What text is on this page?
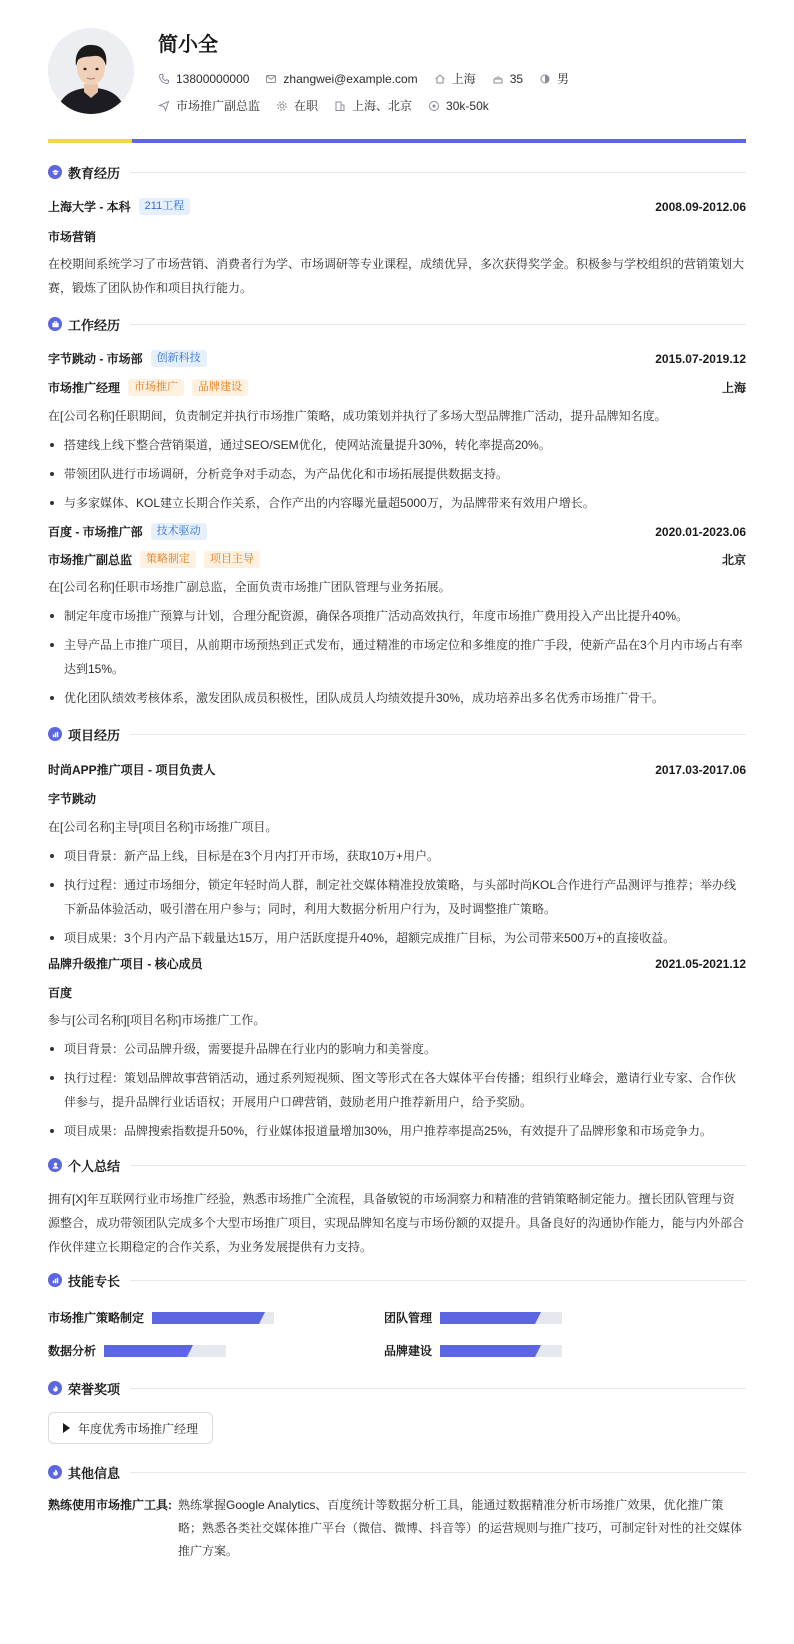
简小全
13800000000	zhangwei@example.com	上海	35	男
市场推广副总监	在职	上海、北京	30k-50k
教育经历
上海大学 - 本科	211工程	2008.09-2012.06
市场营销
在校期间系统学习了市场营销、消费者行为学、市场调研等专业课程，成绩优异，多次获得奖学金。积极参与学校组织的营销策划大赛，锻炼了团队协作和项目执行能力。
工作经历
字节跳动 - 市场部	创新科技	2015.07-2019.12
市场推广经理	市场推广	品牌建设	上海
在[公司名称]任职期间，负责制定并执行市场推广策略，成功策划并执行了多场大型品牌推广活动，提升品牌知名度。
搭建线上线下整合营销渠道，通过SEO/SEM优化，使网站流量提升30%，转化率提高20%。
带领团队进行市场调研，分析竞争对手动态，为产品优化和市场拓展提供数据支持。
与多家媒体、KOL建立长期合作关系，合作产出的内容曝光量超5000万，为品牌带来有效用户增长。
百度 - 市场推广部	技术驱动	2020.01-2023.06
市场推广副总监	策略制定	项目主导	北京
在[公司名称]任职市场推广副总监，全面负责市场推广团队管理与业务拓展。
制定年度市场推广预算与计划，合理分配资源，确保各项推广活动高效执行，年度市场推广费用投入产出比提升40%。
主导产品上市推广项目，从前期市场预热到正式发布，通过精准的市场定位和多维度的推广手段，使新产品在3个月内市场占有率达到15%。
优化团队绩效考核体系，激发团队成员积极性，团队成员人均绩效提升30%，成功培养出多名优秀市场推广骨干。
项目经历
时尚APP推广项目 - 项目负责人	2017.03-2017.06
字节跳动
在[公司名称]主导[项目名称]市场推广项目。
项目背景：新产品上线，目标是在3个月内打开市场，获取10万+用户。
执行过程：通过市场细分，锁定年轻时尚人群，制定社交媒体精准投放策略，与头部时尚KOL合作进行产品测评与推荐；举办线下新品体验活动，吸引潜在用户参与；同时，利用大数据分析用户行为，及时调整推广策略。
项目成果：3个月内产品下载量达15万，用户活跃度提升40%，超额完成推广目标，为公司带来500万+的直接收益。
品牌升级推广项目 - 核心成员	2021.05-2021.12
百度
参与[公司名称][项目名称]市场推广工作。
项目背景：公司品牌升级，需要提升品牌在行业内的影响力和美誉度。
执行过程：策划品牌故事营销活动，通过系列短视频、图文等形式在各大媒体平台传播；组织行业峰会，邀请行业专家、合作伙伴参与，提升品牌行业话语权；开展用户口碑营销，鼓励老用户推荐新用户，给予奖励。
项目成果：品牌搜索指数提升50%，行业媒体报道量增加30%，用户推荐率提高25%，有效提升了品牌形象和市场竞争力。
个人总结
拥有[X]年互联网行业市场推广经验，熟悉市场推广全流程，具备敏锐的市场洞察力和精准的营销策略制定能力。擅长团队管理与资源整合，成功带领团队完成多个大型市场推广项目，实现品牌知名度与市场份额的双提升。具备良好的沟通协作能力，能与内外部合作伙伴建立长期稳定的合作关系，为业务发展提供有力支持。
技能专长
市场推广策略制定	团队管理
数据分析	品牌建设
荣誉奖项
年度优秀市场推广经理
其他信息
熟练使用市场推广工具: 熟练掌握Google Analytics、百度统计等数据分析工具，能通过数据精准分析市场推广效果，优化推广策略；熟悉各类社交媒体推广平台（微信、微博、抖音等）的运营规则与推广技巧，可制定针对性的社交媒体推广方案。
